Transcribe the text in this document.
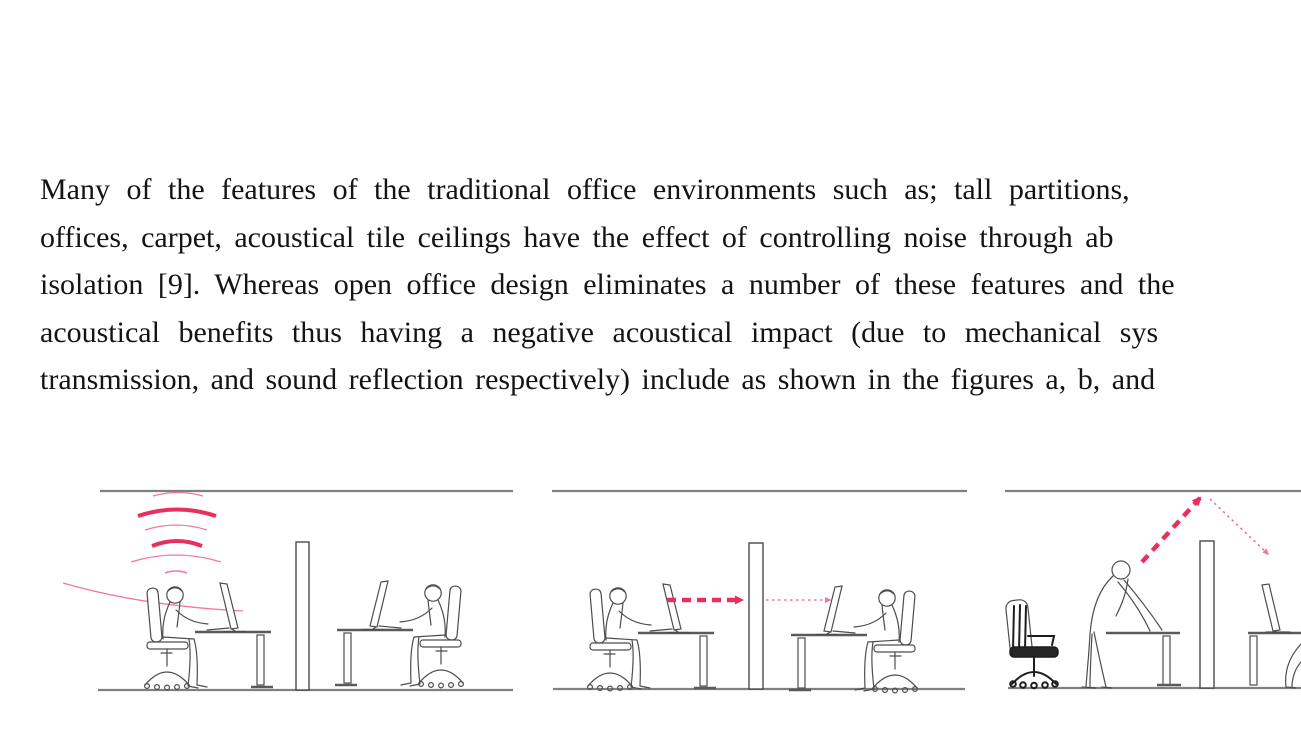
Many of the features of the traditional office environments such as; tall partitions,
offices, carpet, acoustical tile ceilings have the effect of controlling noise through ab
isolation [9]. Whereas open office design eliminates a number of these features and the
acoustical benefits thus having a negative acoustical impact (due to mechanical sys
transmission, and sound reflection respectively) include as shown in the figures a, b, and
